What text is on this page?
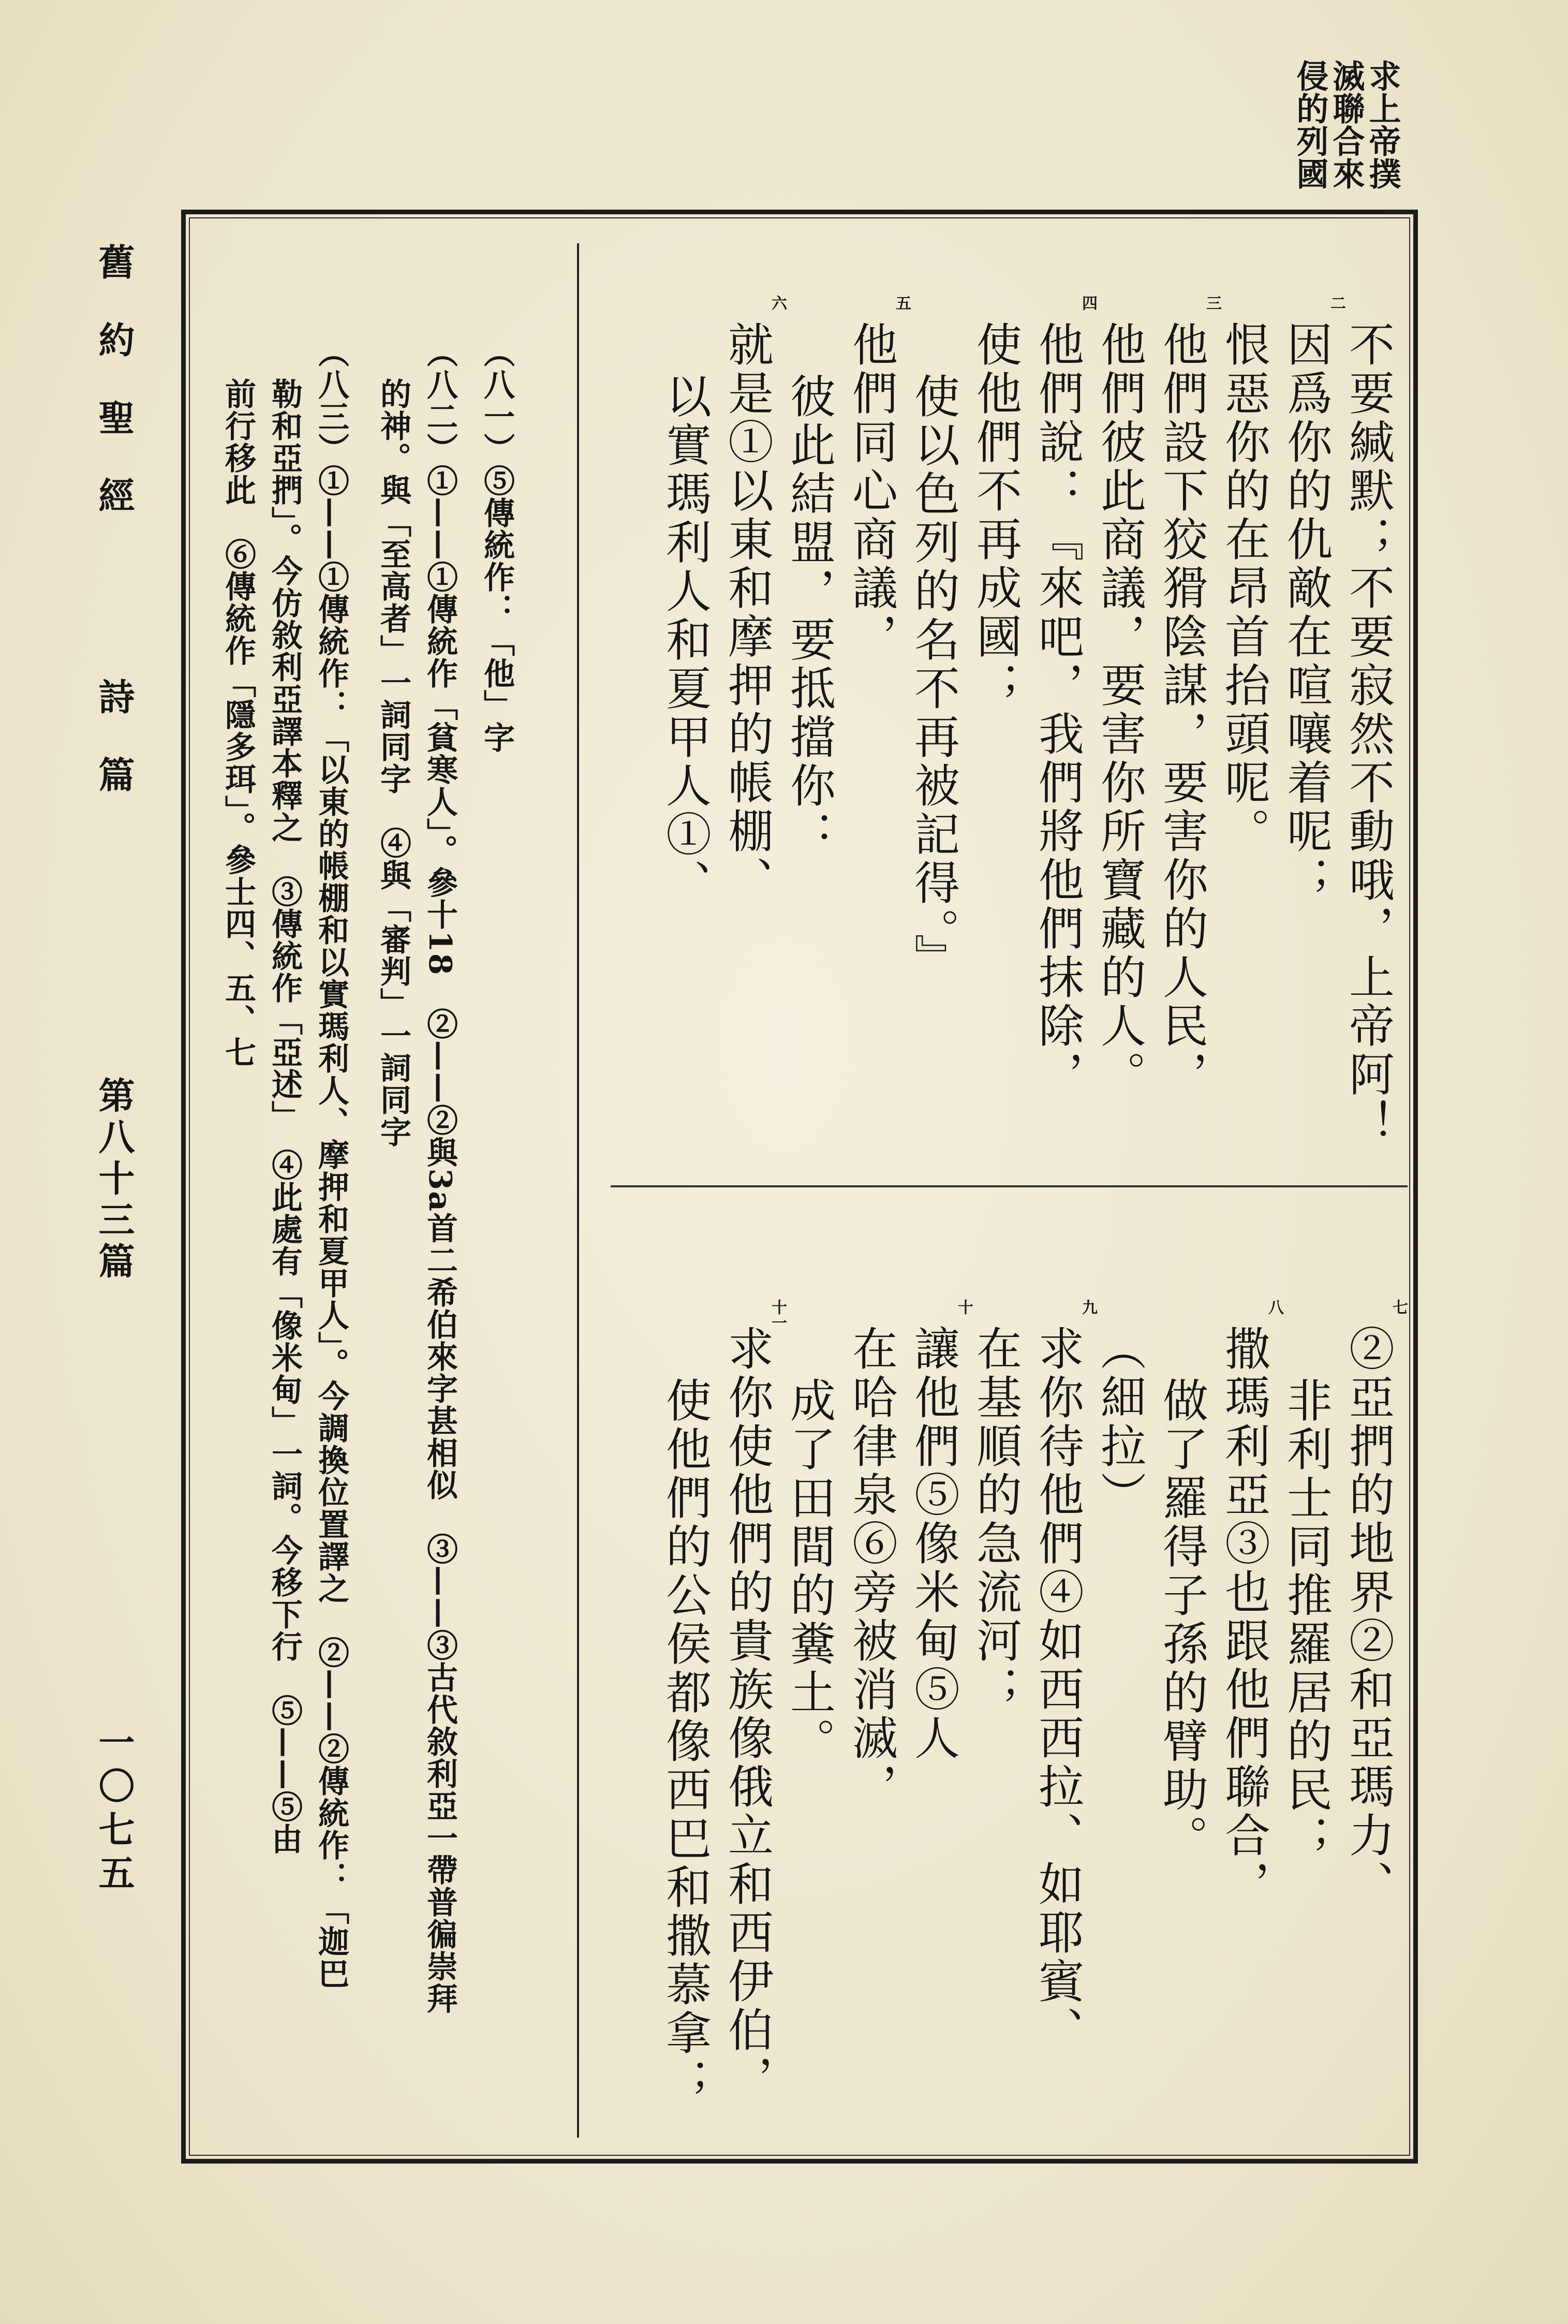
求上帝撲
滅聯合來
侵的列國
舊 約 聖 經
詩 篇
第八十三篇
一〇七五
不要緘默；不要寂然不動哦，上帝阿！
因爲你的仇敵在喧嚷着呢；
二
恨惡你的在昂首抬頭呢。
他們設下狡猾陰謀，要害你的人民，
三
他們彼此商議，要害你所寶藏的人。
他們說：『來吧，我們將他們抹除，
四
使他們不再成國；
使以色列的名不再被記得。』
他們同心商議，
五
彼此結盟，要抵擋你：
就是①以東和摩押的帳棚、
六
以實瑪利人和夏甲人①、
②亞捫的地界②和亞瑪力、
七
非利士同推羅居的民；
撒瑪利亞③也跟他們聯合，
八
做了羅得子孫的臂助。
（細拉）
求你待他們④如西西拉、如耶賓、
九
在基順的急流河；
讓他們⑤像米甸⑤人
十
在哈律泉⑥旁被消滅，
成了田間的糞土。
求你使他們的貴族像俄立和西伊伯，
十一
使他們的公侯都像西巴和撒慕拿；
（八一）⑤傳統作：「他」字
（八二）①——①傳統作「貧寒人」。參十18　②——②與3a首二希伯來字甚相似　③——③古代敘利亞一帶普徧崇拜
的神。與「至高者」一詞同字　④與「審判」一詞同字
（八三）①——①傳統作：「以東的帳棚和以實瑪利人、摩押和夏甲人」。今調換位置譯之　②——②傳統作：「迦巴
勒和亞捫」。今仿敘利亞譯本釋之　③傳統作「亞述」　④此處有「像米甸」一詞。今移下行　⑤——⑤由
前行移此　⑥傳統作「隱多珥」。參士四、五、七
